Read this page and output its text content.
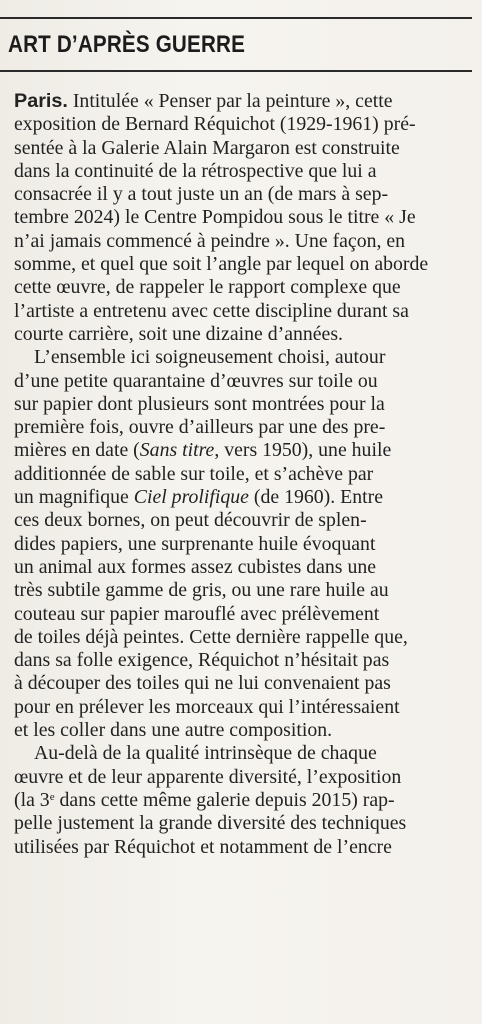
ART D’APRÈS GUERRE
Paris. Intitulée « Penser par la peinture », cette
exposition de Bernard Réquichot (1929-1961) pré-
sentée à la Galerie Alain Margaron est construite
dans la continuité de la rétrospective que lui a
consacrée il y a tout juste un an (de mars à sep-
tembre 2024) le Centre Pompidou sous le titre « Je
n’ai jamais commencé à peindre ». Une façon, en
somme, et quel que soit l’angle par lequel on aborde
cette œuvre, de rappeler le rapport complexe que
l’artiste a entretenu avec cette discipline durant sa
courte carrière, soit une dizaine d’années.
L’ensemble ici soigneusement choisi, autour
d’une petite quarantaine d’œuvres sur toile ou
sur papier dont plusieurs sont montrées pour la
première fois, ouvre d’ailleurs par une des pre-
mières en date (Sans titre, vers 1950), une huile
additionnée de sable sur toile, et s’achève par
un magnifique Ciel prolifique (de 1960). Entre
ces deux bornes, on peut découvrir de splen-
dides papiers, une surprenante huile évoquant
un animal aux formes assez cubistes dans une
très subtile gamme de gris, ou une rare huile au
couteau sur papier marouflé avec prélèvement
de toiles déjà peintes. Cette dernière rappelle que,
dans sa folle exigence, Réquichot n’hésitait pas
à découper des toiles qui ne lui convenaient pas
pour en prélever les morceaux qui l’intéressaient
et les coller dans une autre composition.
Au-delà de la qualité intrinsèque de chaque
œuvre et de leur apparente diversité, l’exposition
(la 3e dans cette même galerie depuis 2015) rap-
pelle justement la grande diversité des techniques
utilisées par Réquichot et notamment de l’encre
